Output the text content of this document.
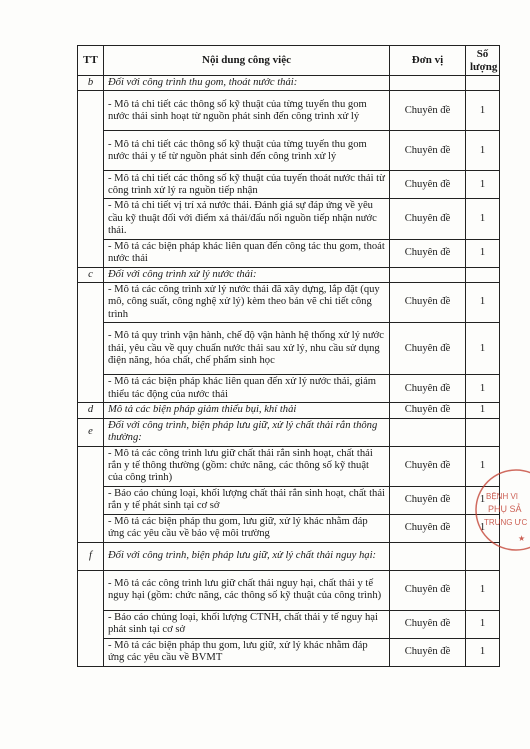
TT	Nội dung công việc	Đơn vị	Số lượng
b	Đối với công trình thu gom, thoát nước thải:		
	- Mô tả chi tiết các thông số kỹ thuật của từng tuyến thu gom nước thải sinh hoạt từ nguồn phát sinh đến công trình xử lý	Chuyên đề	1
	- Mô tả chi tiết các thông số kỹ thuật của từng tuyến thu gom nước thải y tế từ nguồn phát sinh đến công trình xử lý	Chuyên đề	1
	- Mô tả chi tiết các thông số kỹ thuật của tuyến thoát nước thải từ công trình xử lý ra nguồn tiếp nhận	Chuyên đề	1
	- Mô tả chi tiết vị trí xả nước thải. Đánh giá sự đáp ứng về yêu cầu kỹ thuật đối với điểm xả thải/đấu nối nguồn tiếp nhận nước thải.	Chuyên đề	1
	- Mô tả các biện pháp khác liên quan đến công tác thu gom, thoát nước thải	Chuyên đề	1
c	Đối với công trình xử lý nước thải:		
	- Mô tả các công trình xử lý nước thải đã xây dựng, lắp đặt (quy mô, công suất, công nghệ xử lý) kèm theo bản vẽ chi tiết công trình	Chuyên đề	1
	- Mô tả quy trình vận hành, chế độ vận hành hệ thống xử lý nước thải, yêu cầu về quy chuẩn nước thải sau xử lý, nhu cầu sử dụng điện năng, hóa chất, chế phẩm sinh học	Chuyên đề	1
	- Mô tả các biện pháp khác liên quan đến xử lý nước thải, giảm thiểu tác động của nước thải	Chuyên đề	1
d	Mô tả các biện pháp giảm thiểu bụi, khí thải	Chuyên đề	1
e	Đối với công trình, biện pháp lưu giữ, xử lý chất thải rắn thông thường:		
	- Mô tả các công trình lưu giữ chất thải rắn sinh hoạt, chất thải rắn y tế thông thường (gồm: chức năng, các thông số kỹ thuật của công trình)	Chuyên đề	1
	- Báo cáo chủng loại, khối lượng chất thải rắn sinh hoạt, chất thải rắn y tế phát sinh tại cơ sở	Chuyên đề	1
	- Mô tả các biện pháp thu gom, lưu giữ, xử lý khác nhằm đáp ứng các yêu cầu về bảo vệ môi trường	Chuyên đề	1
f	Đối với công trình, biện pháp lưu giữ, xử lý chất thải nguy hại:		
	- Mô tả các công trình lưu giữ chất thải nguy hại, chất thải y tế nguy hại (gồm: chức năng, các thông số kỹ thuật của công trình)	Chuyên đề	1
	- Báo cáo chủng loại, khối lượng CTNH, chất thải y tế nguy hại phát sinh tại cơ sở	Chuyên đề	1
	- Mô tả các biện pháp thu gom, lưu giữ, xử lý khác nhằm đáp ứng các yêu cầu về BVMT	Chuyên đề	1
BỆNH VI
PHỤ SẢ
TRUNG ƯC
★
